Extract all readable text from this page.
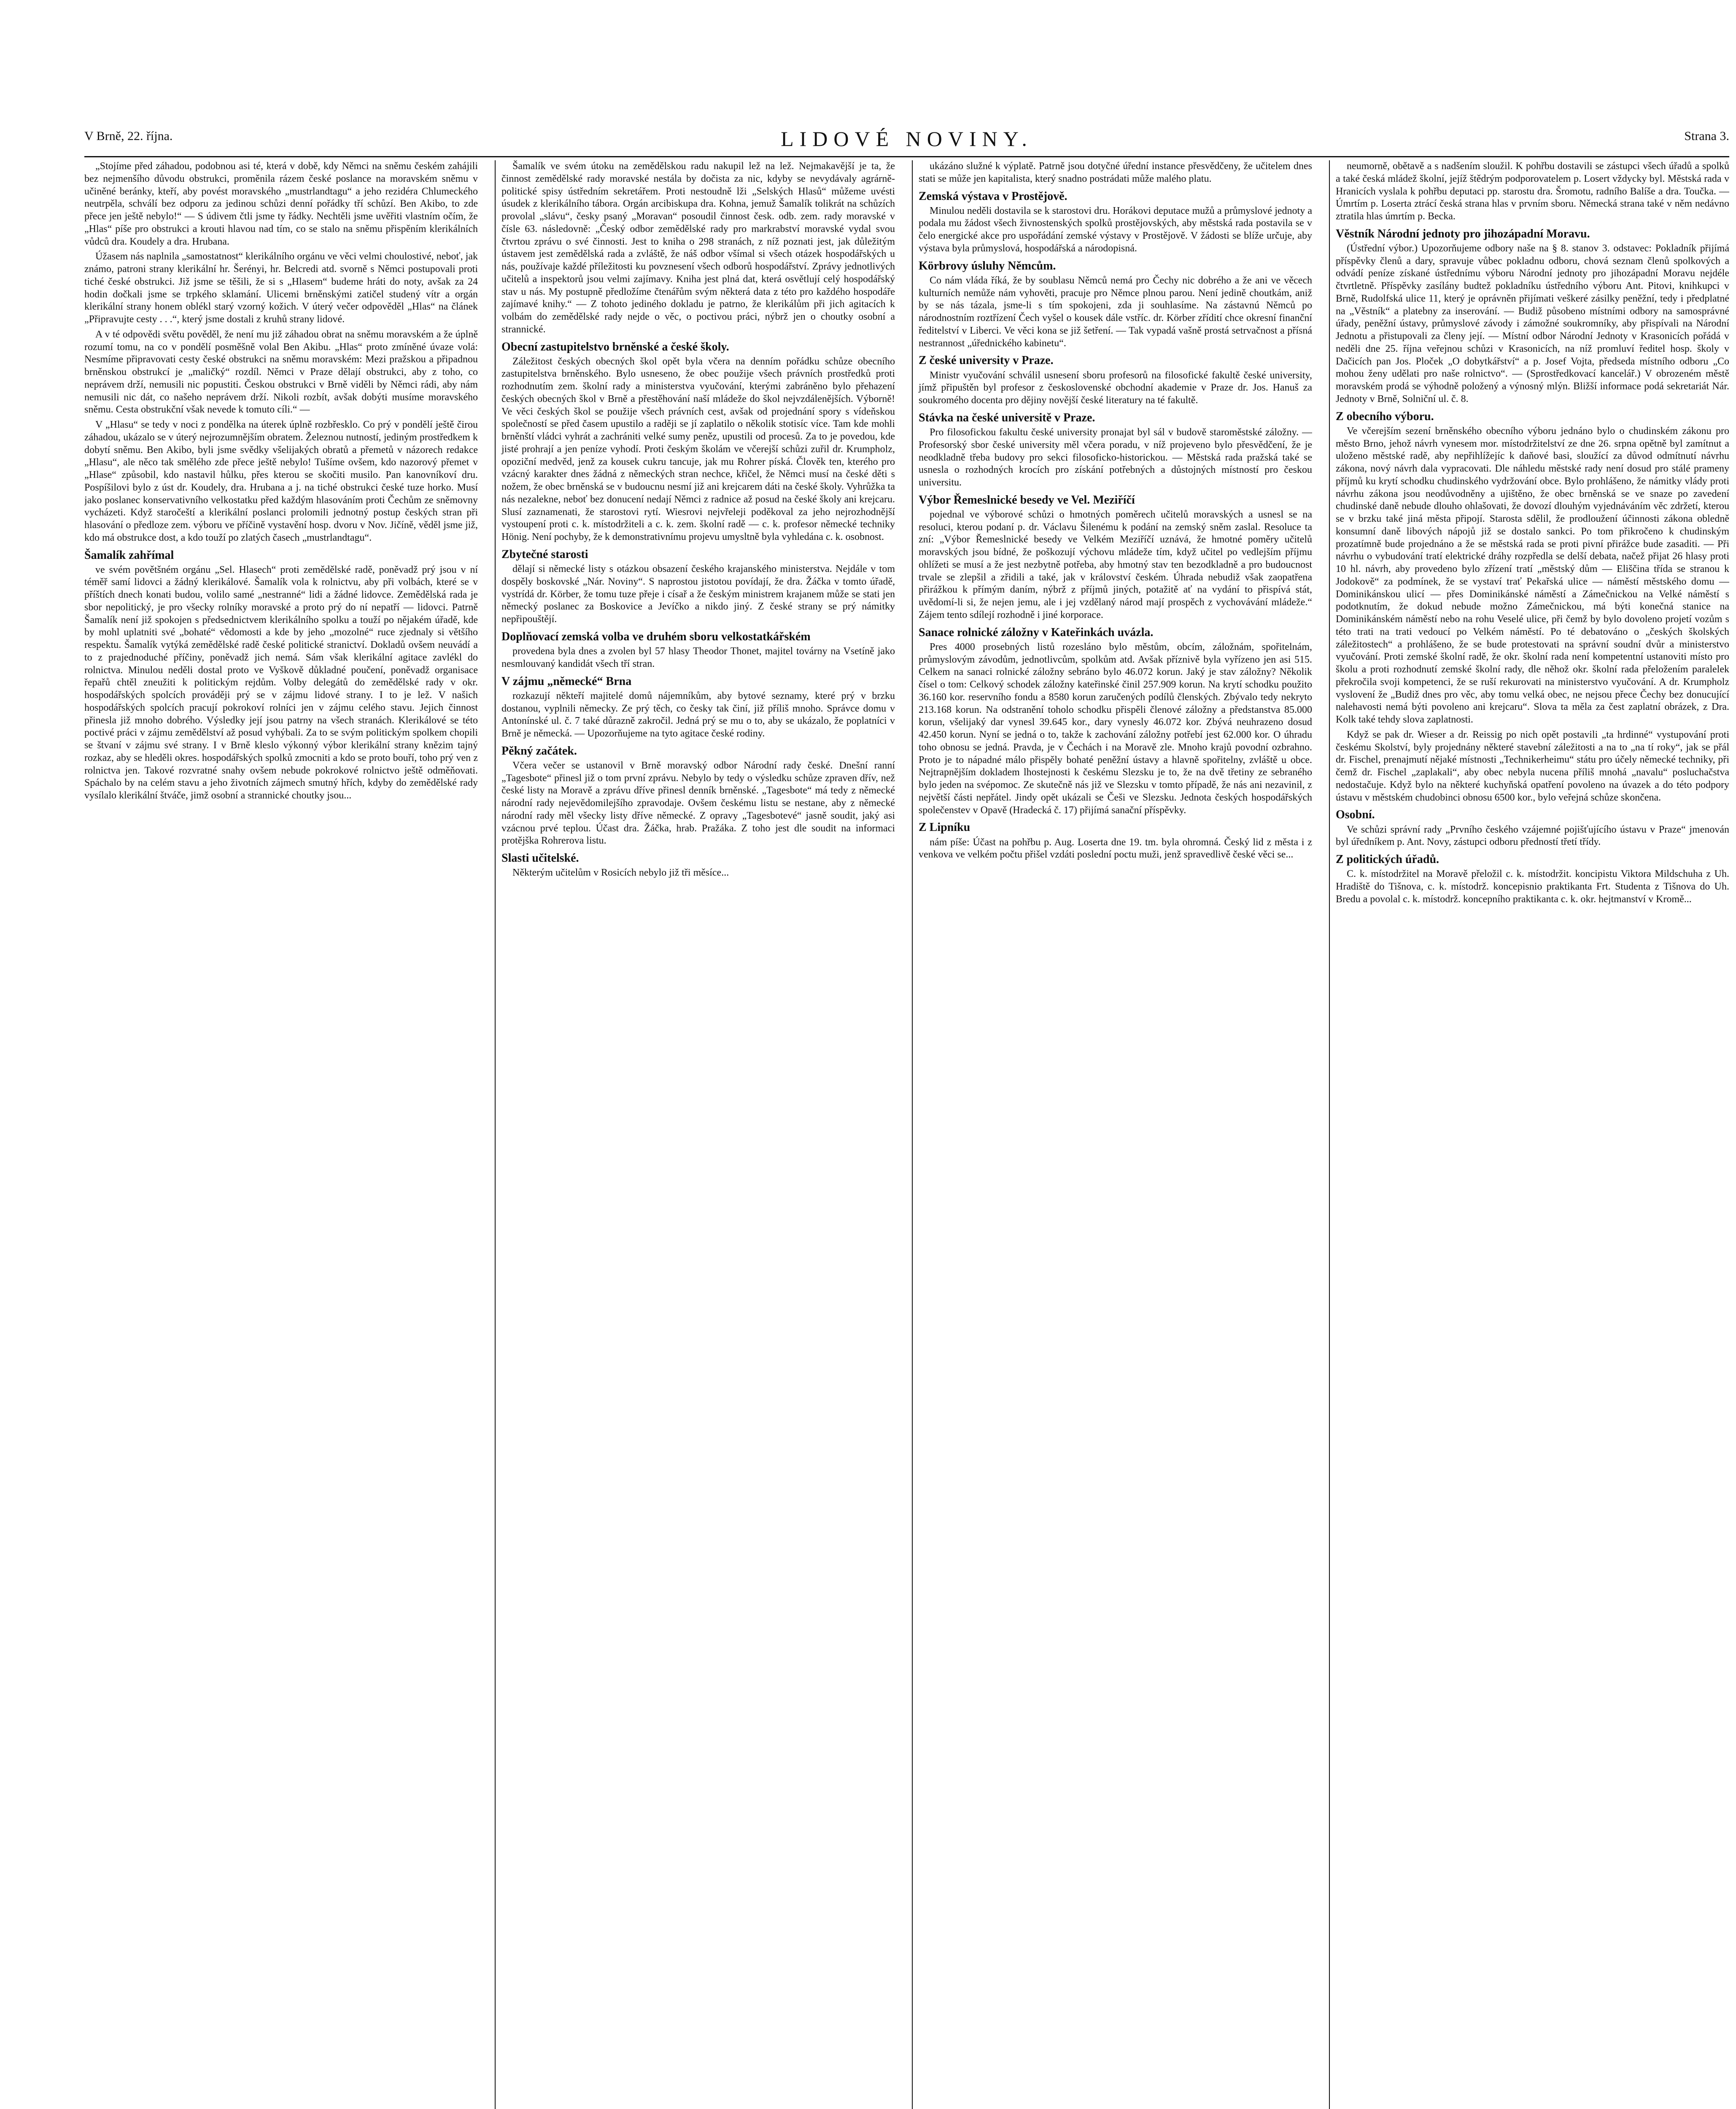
V Brně, 22. října.	LIDOVÉ NOVINY.	Strana 3.

„Stojíme před záhadou, podobnou asi té, která v době, kdy Němci na sněmu českém zahájili bez nejmenšího důvodu obstrukci, proměnila rázem české poslance na moravském sněmu v učiněné beránky, kteří, aby povést moravského „mustrlandtagu“ a jeho rezidéra Chlumeckého neutrpěla, schválí bez odporu za jedinou schůzi denní pořádky tří schůzí. Ben Akibo, to zde přece jen ještě nebylo!“ — S údivem čtli jsme ty řádky. Nechtěli jsme uvěřiti vlastním očím, že „Hlas“ píše pro obstrukci a krouti hlavou nad tím, co se stalo na sněmu přispěním klerikálních vůdců dra. Koudely a dra. Hrubana.

Úžasem nás naplnila „samostatnost“ klerikálního orgánu ve věci velmi choulostivé, neboť, jak známo, patroni strany klerikální hr. Šerényi, hr. Belcredi atd. svorně s Němci postupovali proti tiché české obstrukci. Již jsme se těšili, že si s „Hlasem“ budeme hráti do noty, avšak za 24 hodin dočkali jsme se trpkého sklamání. Ulicemi brněnskými zatičel studený vítr a orgán klerikální strany honem oblékl starý vzorný kožich. V úterý večer odpověděl „Hlas“ na článek „Připravujte cesty . . .“, který jsme dostali z kruhů strany lidové.

A v té odpovědi světu pověděl, že není mu již záhadou obrat na sněmu moravském a že úplně rozumí tomu, na co v pondělí posměšně volal Ben Akibu. „Hlas“ proto zmíněné úvaze volá: Nesmíme připravovati cesty české obstrukci na sněmu moravském: Mezi pražskou a připadnou brněnskou obstrukcí je „maličký“ rozdíl. Němci v Praze dělají obstrukci, aby z toho, co neprávem drží, nemusili nic popustiti. Českou obstrukci v Brně viděli by Němci rádi, aby nám nemusili nic dát, co našeho neprávem drží. Nikoli rozbít, avšak dobýti musíme moravského sněmu. Cesta obstrukční však nevede k tomuto cíli.“ —

V „Hlasu“ se tedy v noci z pondělka na úterek úplně rozbřesklo. Co prý v pondělí ještě čirou záhadou, ukázalo se v úterý nejrozumnějším obratem. Železnou nutností, jediným prostředkem k dobytí sněmu. Ben Akibo, byli jsme svědky všelijakých obratů a přemetů v názorech redakce „Hlasu“, ale něco tak smělého zde přece ještě nebylo! Tušíme ovšem, kdo nazorový přemet v „Hlase“ způsobil, kdo nastavil hůlku, přes kterou se skočiti musilo. Pan kanovníkoví dru. Pospíšilovi bylo z úst dr. Koudely, dra. Hrubana a j. na tiché obstrukci české tuze horko. Musí jako poslanec konservativního velkostatku před každým hlasováním proti Čechům ze sněmovny vycházeti. Když staročeští a klerikální poslanci prolomili jednotný postup českých stran při hlasování o předloze zem. výboru ve příčině vystavění hosp. dvoru v Nov. Jičíně, věděl jsme již, kdo má obstrukce dost, a kdo touží po zlatých časech „mustrlandtagu“.

Šamalík zahřímal

ve svém povětšném orgánu „Sel. Hlasech“ proti zemědělské radě, poněvadž prý jsou v ní téměř samí lidovci a žádný klerikálové. Šamalík vola k rolnictvu, aby při volbách, které se v příštích dnech konati budou, volilo samé „nestranné“ lidi a žádné lidovce. Zemědělská rada je sbor nepolitický, je pro všecky rolníky moravské a proto prý do ní nepatří — lidovci. Patrně Šamalík není již spokojen s předsednictvem klerikálního spolku a touží po nějakém úřadě, kde by mohl uplatniti své „bohaté“ vědomosti a kde by jeho „mozolné“ ruce zjednaly si většího respektu. Šamalík vytýká zemědělské radě české politické stranictví. Dokladů ovšem neuvádí a to z prajednoduché příčiny, poněvadž jich nemá. Sám však klerikální agitace zavlékl do rolnictva. Minulou neděli dostal proto ve Vyškově důkladné poučení, poněvadž organisace řepařů chtěl zneužiti k politickým rejdům. Volby delegátů do zemědělské rady v okr. hospodářských spolcích prováději prý se v zájmu lidové strany. I to je lež. V našich hospodářských spolcích pracují pokrokoví rolníci jen v zájmu celého stavu. Jejich činnost přinesla již mnoho dobrého. Výsledky její jsou patrny na všech stranách. Klerikálové se této poctivé práci v zájmu zemědělství až posud vyhýbali. Za to se svým politickým spolkem chopili se štvaní v zájmu své strany. I v Brně kleslo výkonný výbor klerikální strany knězim tajný rozkaz, aby se hleděli okres. hospodářských spolků zmocniti a kdo se proto bouří, toho prý ven z rolnictva jen. Takové rozvratné snahy ovšem nebude pokrokové rolnictvo ještě odměňovati. Spáchalo by na celém stavu a jeho životních zájmech smutný hřích, kdyby do zemědělské rady vysílalo klerikální štváče, jimž osobní a strannické choutky jsou...

Šamalík ve svém útoku na zemědělskou radu nakupil lež na lež. Nejmakavější je ta, že činnost zemědělské rady moravské nestála by dočista za nic, kdyby se nevydávaly agrárně-politické spisy ústředním sekretářem. Proti nestoudně lži „Selských Hlasů“ můžeme uvésti úsudek z klerikálního tábora. Orgán arcibiskupa dra. Kohna, jemuž Šamalík tolikrát na schůzích provolal „slávu“, česky psaný „Moravan“ posoudil činnost česk. odb. zem. rady moravské v čísle 63. následovně: „Český odbor zemědělské rady pro markrabství moravské vydal svou čtvrtou zprávu o své činnosti. Jest to kniha o 298 stranách, z níž poznati jest, jak důležitým ústavem jest zemědělská rada a zvláště, že náš odbor všímal si všech otázek hospodářských u nás, používaje každé příležitosti ku povznesení všech odborů hospodářství. Zprávy jednotlivých učitelů a inspektorů jsou velmi zajímavy. Kniha jest plná dat, která osvětlují celý hospodářský stav u nás. My postupně předložíme čtenářům svým některá data z této pro každého hospodáře zajímavé knihy.“ — Z tohoto jediného dokladu je patrno, že klerikálům při jich agitacích k volbám do zemědělské rady nejde o věc, o poctivou práci, nýbrž jen o choutky osobní a strannické.

Obecní zastupitelstvo brněnské a české školy.

Záležitost českých obecných škol opět byla včera na denním pořádku schůze obecního zastupitelstva brněnského. Bylo usneseno, že obec použije všech právních prostředků proti rozhodnutím zem. školní rady a ministerstva vyučování, kterými zabráněno bylo přehazení českých obecných škol v Brně a přestěhování naší mládeže do škol nejvzdálenějších. Výborně! Ve věci českých škol se použije všech právních cest, avšak od projednání spory s vídeňskou společností se před časem upustilo a raději se jí zaplatilo o několik stotisíc více. Tam kde mohli brněnští vládci vyhrát a zachrániti velké sumy peněz, upustili od procesů. Za to je povedou, kde jisté prohrají a jen peníze vyhodí. Proti českým školám ve včerejší schůzi zuřil dr. Krumpholz, opoziční medvěd, jenž za kousek cukru tancuje, jak mu Rohrer píská. Člověk ten, kterého pro vzácný karakter dnes žádná z německých stran nechce, křičel, že Němci musí na české děti s nožem, že obec brněnská se v budoucnu nesmí již ani krejcarem dáti na české školy. Vyhrůžka ta nás nezalekne, neboť bez donucení nedají Němci z radnice až posud na české školy ani krejcaru. Slusí zaznamenati, že starostovi rytí. Wiesrovi nejvřeleji poděkoval za jeho nejrozhodnější vystoupení proti c. k. místodržiteli a c. k. zem. školní radě — c. k. profesor německé techniky Hönig. Není pochyby, že k demonstrativnímu projevu umysltně byla vyhledána c. k. osobnost.

Zbytečné starosti

dělají si německé listy s otázkou obsazení českého krajanského ministerstva. Nejdále v tom dospěly boskovské „Nár. Noviny“. S naprostou jistotou povídají, že dra. Žáčka v tomto úřadě, vystrídá dr. Körber, že tomu tuze přeje i císař a že českým ministrem krajanem může se stati jen německý poslanec za Boskovice a Jevíčko a nikdo jiný. Z české strany se prý námitky nepřipouštějí.

Doplňovací zemská volba ve druhém sboru velkostatkářském

provedena byla dnes a zvolen byl 57 hlasy Theodor Thonet, majitel továrny na Vsetíně jako nesmlouvaný kandidát všech tří stran.

V zájmu „německé“ Brna

rozkazují někteří majitelé domů nájemníkům, aby bytové seznamy, které prý v brzku dostanou, vyplnili německy. Ze prý těch, co česky tak činí, již příliš mnoho. Správce domu v Antonínské ul. č. 7 také důrazně zakročil. Jedná prý se mu o to, aby se ukázalo, že poplatníci v Brně je německá. — Upozorňujeme na tyto agitace české rodiny.

Pěkný začátek.

Včera večer se ustanovil v Brně moravský odbor Národní rady české. Dnešní ranní „Tagesbote“ přinesl již o tom první zprávu. Nebylo by tedy o výsledku schůze zpraven dřív, než české listy na Moravě a zprávu dříve přinesl denník brněnské. „Tagesbote“ má tedy z německé národní rady nejevědomilejšího zpravodaje. Ovšem českému listu se nestane, aby z německé národní rady měl všecky listy dříve německé. Z opravy „Tagesbotevé“ jasně soudit, jaký asi vzácnou prvé teplou. Účast dra. Žáčka, hrab. Pražáka. Z toho jest dle soudit na informaci protějška Rohrerova listu.

Slasti učitelské.

Některým učitelům v Rosicích nebylo již tři měsíce...

ukázáno služné k výplatě. Patrně jsou dotyčné úřední instance přesvědčeny, že učitelem dnes stati se může jen kapitalista, který snadno postrádati může malého platu.

Zemská výstava v Prostějově.

Minulou neděli dostavila se k starostovi dru. Horákovi deputace mužů a průmyslové jednoty a podala mu žádost všech živnostenských spolků prostějovských, aby městská rada postavila se v čelo energické akce pro uspořádání zemské výstavy v Prostějově. V žádosti se blíže určuje, aby výstava byla průmyslová, hospodářská a národopisná.

Körbrovy úsluhy Němcům.

Co nám vláda říká, že by soublasu Němců nemá pro Čechy nic dobrého a že ani ve věcech kulturních nemůže nám vyhověti, pracuje pro Němce plnou parou. Není jedině choutkám, aniž by se nás tázala, jsme-li s tím spokojeni, zda ji souhlasíme. Na zástavnú Němců po národnostním roztřízení Čech vyšel o kousek dále vstříc. dr. Körber zřídití chce okresní finanční ředitelství v Liberci. Ve věci kona se již šetření. — Tak vypadá vašně prostá setrvačnost a přísná nestrannost „úřednického kabinetu“.

Z české university v Praze.

Ministr vyučování schválil usnesení sboru profesorů na filosofické fakultě české university, jímž připuštěn byl profesor z československé obchodní akademie v Praze dr. Jos. Hanuš za soukromého docenta pro dějiny novější české literatury na té fakultě.

Stávka na české universitě v Praze.

Pro filosofickou fakultu české university pronajat byl sál v budově staroměstské záložny. — Profesorský sbor české university měl včera poradu, v níž projeveno bylo přesvědčení, že je neodkladně třeba budovy pro sekci filosoficko-historickou. — Městská rada pražská také se usnesla o rozhodných krocích pro získání potřebných a důstojných místností pro českou universitu.

Výbor Řemeslnické besedy ve Vel. Meziříčí

pojednal ve výborové schůzi o hmotných poměrech učitelů moravských a usnesl se na resoluci, kterou podaní p. dr. Václavu Šilenému k podání na zemský sněm zaslal. Resoluce ta zní: „Výbor Řemeslnické besedy ve Velkém Meziříčí uznává, že hmotné poměry učitelů moravských jsou bídné, že poškozují výchovu mládeže tím, když učitel po vedlejším příjmu ohlížeti se musí a že jest nezbytně potřeba, aby hmotný stav ten bezodkladně a pro budoucnost trvale se zlepšil a zřidili a také, jak v království českém. Úhrada nebudiž však zaopatřena přirážkou k přímým daním, nýbrž z příjmů jiných, potažitě ať na vydání to přispívá stát, uvědomí-li si, že nejen jemu, ale i jej vzdělaný národ mají prospěch z vychovávání mládeže.“ Zájem tento sdílejí rozhodně i jiné korporace.

Sanace rolnické záložny v Kateřinkách uvázla.

Pres 4000 prosebných listů rozesláno bylo městům, obcím, záložnám, spořitelnám, průmyslovým závodům, jednotlivcům, spolkům atd. Avšak příznivě byla vyřízeno jen asi 515. Celkem na sanaci rolnické záložny sebráno bylo 46.072 korun. Jaký je stav záložny? Několik čísel o tom: Celkový schodek záložny kateřinské činil 257.909 korun. Na krytí schodku použito 36.160 kor. reservního fondu a 8580 korun zaručených podílů členských. Zbývalo tedy nekryto 213.168 korun. Na odstranění toholo schodku přispěli členové záložny a předstanstva 85.000 korun, všelijaký dar vynesl 39.645 kor., dary vynesly 46.072 kor. Zbývá neuhrazeno dosud 42.450 korun. Nyní se jedná o to, takže k zachování záložny potřebí jest 62.000 kor. O úhradu toho obnosu se jedná. Pravda, je v Čechách i na Moravě zle. Mnoho krajů povodní ozbrahno. Proto je to nápadné málo přispěly bohaté peněžní ústavy a hlavně spořitelny, zvláště u obce. Nejtrapnějším dokladem lhostejnosti k českému Slezsku je to, že na dvě třetiny ze sebraného bylo jeden na svépomoc. Ze skutečně nás již ve Slezsku v tomto případě, že nás ani nezavinil, z největší části nepřátel. Jindy opět ukázali se Češi ve Slezsku. Jednota českých hospodářských společenstev v Opavě (Hradecká č. 17) přijímá sanační příspěvky.

Z Lipníku

nám píše: Účast na pohřbu p. Aug. Loserta dne 19. tm. byla ohromná. Český lid z města i z venkova ve velkém počtu přišel vzdáti poslední poctu muži, jenž spravedlivě české věci se...

neumorně, obětavě a s nadšením sloužil. K pohřbu dostavili se zástupci všech úřadů a spolků a také česká mládež školní, jejíž štědrým podporovatelem p. Losert vždycky byl. Městská rada v Hranicích vyslala k pohřbu deputaci pp. starostu dra. Šromotu, radního Balíše a dra. Toučka. — Úmrtím p. Loserta ztrácí česká strana hlas v prvním sboru. Německá strana také v něm nedávno ztratila hlas úmrtím p. Becka.

Věstník Národní jednoty pro jihozápadní Moravu.

(Ústřední výbor.) Upozorňujeme odbory naše na § 8. stanov 3. odstavec: Pokladník přijímá příspěvky členů a dary, spravuje vůbec pokladnu odboru, chová seznam členů spolkových a odvádí peníze získané ústřednímu výboru Národní jednoty pro jihozápadní Moravu nejdéle čtvrtletně. Příspěvky zasílány budtež pokladníku ústředního výboru Ant. Pitovi, knihkupci v Brně, Rudolfská ulice 11, který je oprávněn přijímati veškeré zásilky peněžní, tedy i předplatné na „Věstník“ a platebny za inserování. — Budiž působeno místními odbory na samosprávné úřady, peněžní ústavy, průmyslové závody i zámožné soukromníky, aby přispívali na Národní Jednotu a přistupovali za členy její. — Místní odbor Národní Jednoty v Krasonicích pořádá v neděli dne 25. října veřejnou schůzi v Krasonicích, na níž promluví ředitel hosp. školy v Dačicích pan Jos. Ploček „O dobytkářství“ a p. Josef Vojta, předseda místního odboru „Co mohou ženy udělati pro naše rolnictvo“. — (Sprostředkovací kancelář.) V obrozeném městě moravském prodá se výhodně položený a výnosný mlýn. Bližší informace podá sekretariát Nár. Jednoty v Brně, Solniční ul. č. 8.

Z obecního výboru.

Ve včerejším sezení brněnského obecního výboru jednáno bylo o chudinském zákonu pro město Brno, jehož návrh vynesem mor. místodržitelství ze dne 26. srpna opětně byl zamítnut a uloženo městské radě, aby nepřihlížejíc k daňové basi, sloužící za důvod odmítnutí návrhu zákona, nový návrh dala vypracovati. Dle náhledu městské rady není dosud pro stálé prameny příjmů ku krytí schodku chudinského vydržování obce. Bylo prohlášeno, že námitky vlády proti návrhu zákona jsou neodůvodněny a ujištěno, že obec brněnská se ve snaze po zavedení chudinské daně nebude dlouho ohlašovati, že dovozí dlouhým vyjednáváním věc zdržetí, kterou se v brzku také jiná města připojí. Starosta sdělil, že prodloužení účinnosti zákona obledně konsumní daně libových nápojů již se dostalo sankci. Po tom přikročeno k chudinským prozatímně bude projednáno a že se městská rada se proti pivní přirážce bude zasaditi. — Při návrhu o vybudování tratí elektrické dráhy rozpředla se delší debata, načež přijat 26 hlasy proti 10 hl. návrh, aby provedeno bylo zřízení tratí „městský dům — Eliščina třída se stranou k Jodokově“ za podmínek, že se vystaví trať Pekařská ulice — náměstí městského domu — Dominikánskou ulicí — přes Dominikánské náměstí a Zámečnickou na Velké náměstí s podotknutím, že dokud nebude možno Zámečnickou, má býti konečná stanice na Dominikánském náměstí nebo na rohu Veselé ulice, při čemž by bylo dovoleno projetí vozům s této trati na trati vedoucí po Velkém náměstí. Po té debatováno o „českých školských záležitostech“ a prohlášeno, že se bude protestovati na správní soudní dvůr a ministerstvo vyučování. Proti zemské školní radě, že okr. školní rada není kompetentní ustanoviti místo pro školu a proti rozhodnutí zemské školní rady, dle něhož okr. školní rada přeložením paralelek překročila svoji kompetenci, že se ruší rekurovati na ministerstvo vyučování. A dr. Krumpholz vyslovení že „Budiž dnes pro věc, aby tomu velká obec, ne nejsou přece Čechy bez donucující nalehavosti nemá býti povoleno ani krejcaru“. Slova ta měla za čest zaplatní obrázek, z Dra. Kolk také tehdy slova zaplatnosti.

Když se pak dr. Wieser a dr. Reissig po nich opět postavili „ta hrdinné“ vystupování proti českému Skolství, byly projednány některé stavební záležitosti a na to „na tí roky“, jak se přál dr. Fischel, prenajmutí nějaké místnosti „Technikerheimu“ státu pro účely německé techniky, při čemž dr. Fischel „zaplakali“, aby obec nebyla nucena příliš mnohá „navalu“ posluchačstva nedostačuje. Když bylo na některé kuchyňská opatření povoleno na úvazek a do této podpory ústavu v městském chudobinci obnosu 6500 kor., bylo veřejná schůze skončena.

Osobní.

Ve schůzi správní rady „Prvního českého vzájemné pojišťujícího ústavu v Praze“ jmenován byl úředníkem p. Ant. Novy, zástupci odboru předností třetí třídy.

Z politických úřadů.

C. k. místodržitel na Moravě přeložil c. k. místodržit. koncipistu Viktora Mildschuha z Uh. Hradiště do Tišnova, c. k. místodrž. koncepisnio praktikanta Frt. Studenta z Tišnova do Uh. Bredu a povolal c. k. místodrž. koncepního praktikanta c. k. okr. hejtmanství v Kromě...
